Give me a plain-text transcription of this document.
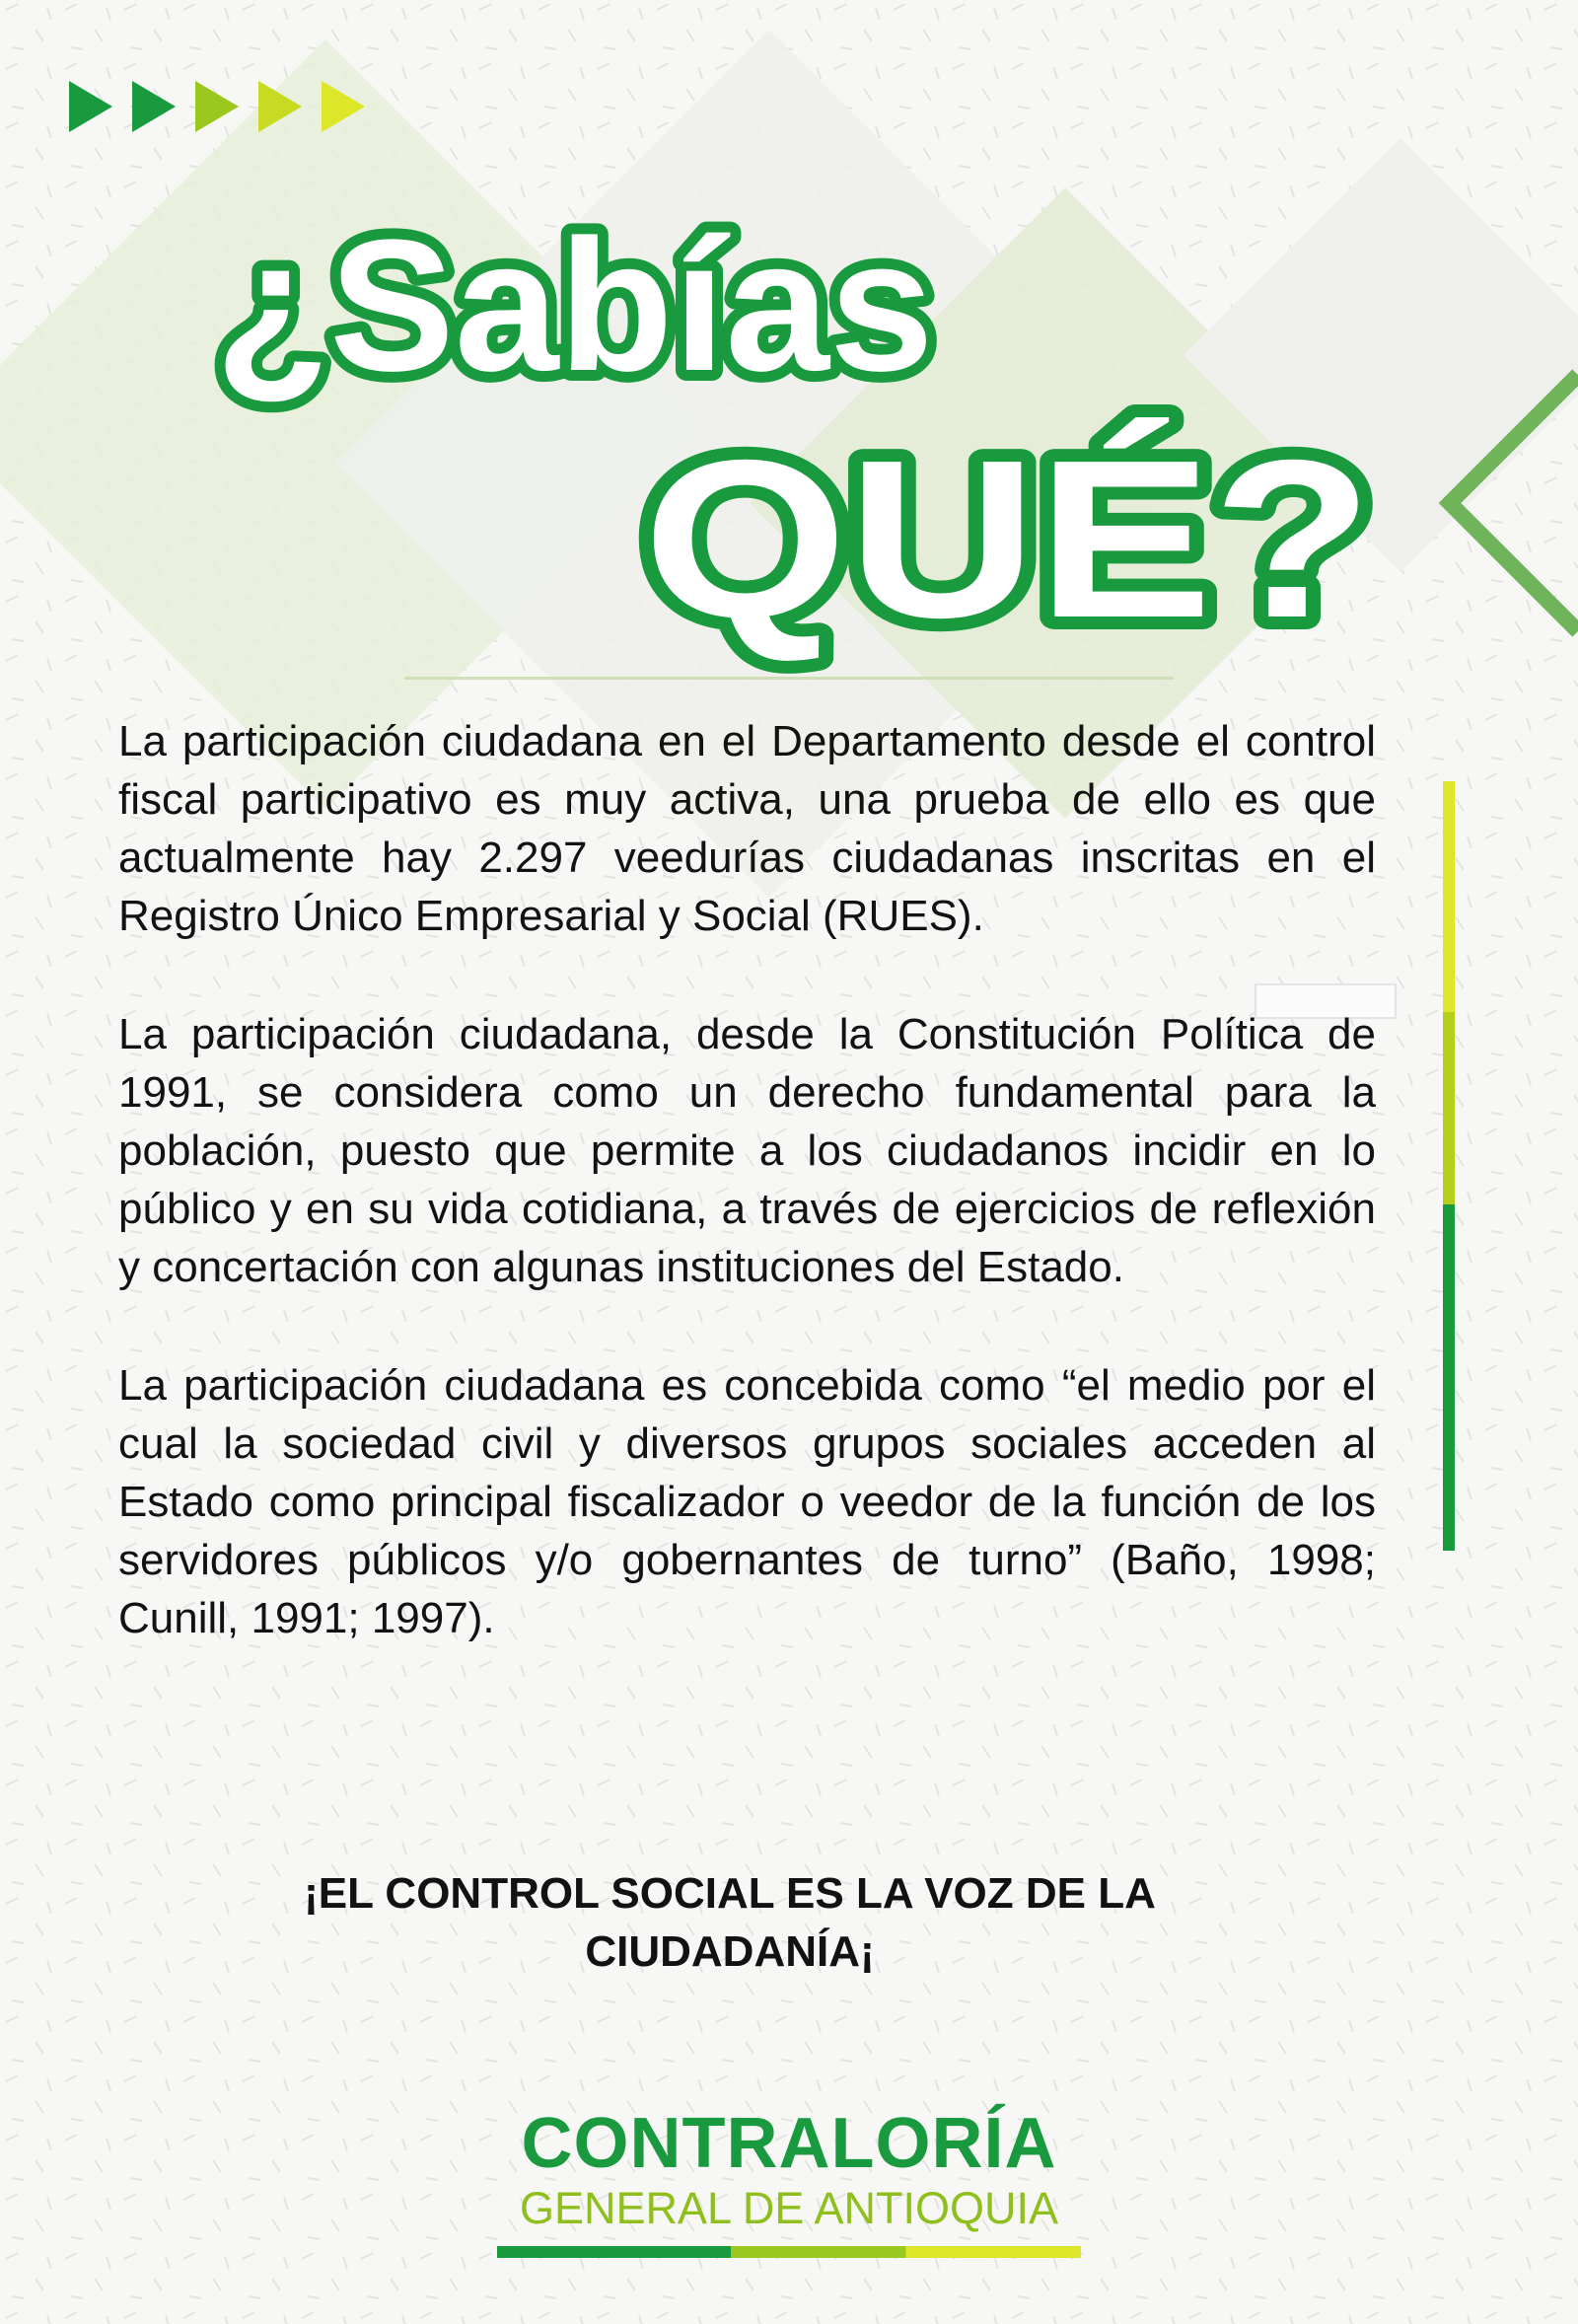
¿Sabías
QUÉ?

La participación ciudadana en el Departamento desde el control fiscal participativo es muy activa, una prueba de ello es que actualmente hay 2.297 veedurías ciudadanas inscritas en el Registro Único Empresarial y Social (RUES).

La participación ciudadana, desde la Constitución Política de 1991, se considera como un derecho fundamental para la población, puesto que permite a los ciudadanos incidir en lo público y en su vida cotidiana, a través de ejercicios de reflexión y concertación con algunas instituciones del Estado.

La participación ciudadana es concebida como “el medio por el cual la sociedad civil y diversos grupos sociales acceden al Estado como principal fiscalizador o veedor de la función de los servidores públicos y/o gobernantes de turno” (Baño, 1998; Cunill, 1991; 1997).

¡EL CONTROL SOCIAL ES LA VOZ DE LA
CIUDADANÍA¡
CONTRALORÍA
GENERAL DE ANTIOQUIA
